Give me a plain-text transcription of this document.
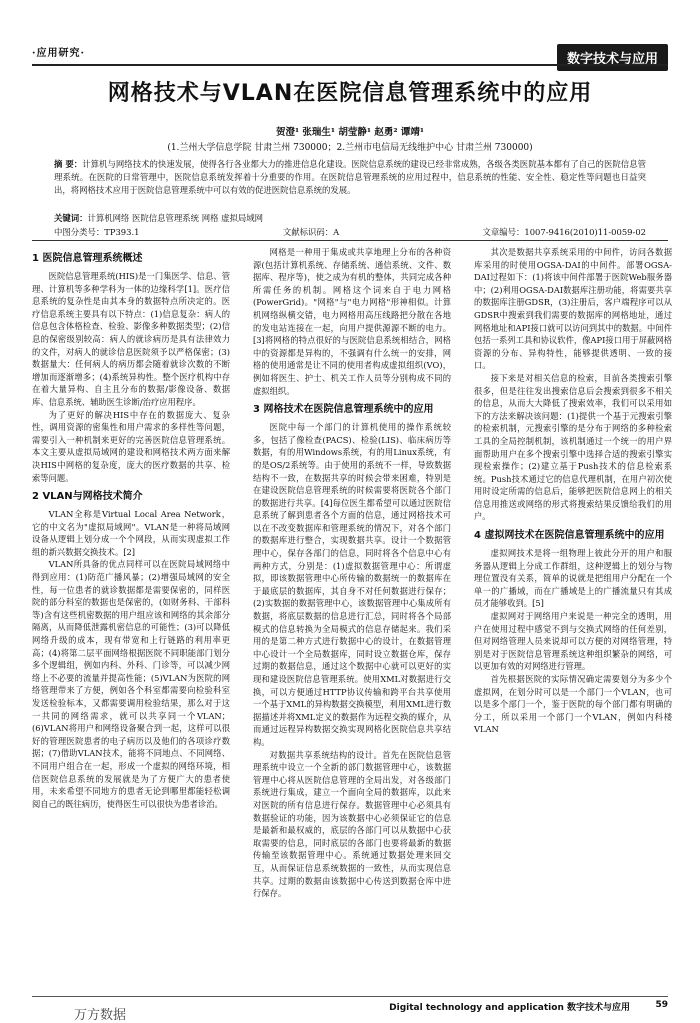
·应用研究·	数字技术与应用
网格技术与VLAN在医院信息管理系统中的应用
贺澄¹ 张瑞生¹ 胡莹静¹ 赵勇² 谭靖¹
(1.兰州大学信息学院 甘肃兰州 730000；2.兰州市电信局无线维护中心 甘肃兰州 730000)
摘 要：计算机与网络技术的快速发展，使得各行各业都大力的推进信息化建设。医院信息系统的建设已经非常成熟，各级各类医院基本都有了自己的医院信息管理系统。在医院的日常管理中，医院信息系统发挥着十分重要的作用。在医院信息管理系统的应用过程中，信息系统的性能、安全性、稳定性等问题也日益突出，将网格技术应用于医院信息管理系统中可以有效的促进医院信息系统的发展。
关键词：计算机网络 医院信息管理系统 网格 虚拟局域网
中图分类号：TP393.1	文献标识码：A	文章编号：1007-9416(2010)11-0059-02
1 医院信息管理系统概述

医院信息管理系统(HIS)是一门集医学、信息、管理、计算机等多种学科为一体的边缘科学[1]。医疗信息系统的复杂性是由其本身的数据特点所决定的。医疗信息系统主要具有以下特点：(1)信息复杂：病人的信息包含体格检查、检验、影像多种数据类型；(2)信息的保密级别较高：病人的就诊病历是具有法律效力的文件，对病人的就诊信息医院须予以严格保密；(3)数据量大：任何病人的病历都会随着就诊次数的不断增加而逐渐增多；(4)系统异构性。整个医疗机构中存在着大量异构、自主且分布的数据/影像设备、数据库、信息系统、辅助医生诊断/治疗应用程序。

为了更好的解决HIS中存在的数据庞大、复杂性，调用资源的密集性和用户需求的多样性等问题，需要引入一种机制来更好的完善医院信息管理系统。本文主要从虚拟局域网的建设和网格技术两方面来解决HIS中网格的复杂度，庞大的医疗数据的共享、检索等问题。

2 VLAN与网格技术简介

VLAN全称是Virtual Local Area Network，它的中文名为"虚拟局域网"。VLAN是一种将局域网设备从逻辑上划分成一个个网段，从而实现虚拟工作组的新兴数据交换技术。[2]

VLAN所具备的优点同样可以在医院局域网络中得到应用：(1)防范广播风暴；(2)增强局域网的安全性，每一位患者的就诊数据都是需要保密的，同样医院的部分科室的数据也是保密的，(如财务科、干部科等)含有这些机密数据的用户组应该和网络的其余部分隔离，从而降低泄露机密信息的可能性；(3)可以降低网络升级的成本，现有带宽和上行链路的利用率更高；(4)将第二层平面网络根据医院不同职能部门划分多个逻辑组，例如内科、外科、门诊等，可以减少网络上不必要的流量并提高性能；(5)VLAN为医院的网络管理带来了方便，例如各个科室都需要向检验科室发送检验标本，又都需要调用检验结果，那么对于这一共同的网络需求，就可以共享同一个VLAN；(6)VLAN将用户和网络设备聚合到一起，这样可以很好的管理医院患者的电子病历以及他们的各项诊疗数据；(7)借助VLAN技术，能将不同地点、不同网络、不同用户组合在一起，形成一个虚拟的网络环境，相信医院信息系统的发展就是为了方便广大的患者使用，未来希望不同地方的患者无论到哪里都能轻松调阅自己的既往病历，使得医生可以很快为患者诊治。

网格是一种用于集成或共享地理上分布的各种资源(包括计算机系统、存储系统、通信系统、文件、数据库、程序等)，使之成为有机的整体，共同完成各种所需任务的机制。网格这个词来自于电力网格(PowerGrid)。"网格"与"电力网格"形神相似。计算机网络纵横交错，电力网格用高压线路把分散在各地的发电站连接在一起，向用户提供源源不断的电力。[3]将网格的特点很好的与医院信息系统相结合，网格中的资源都是异构的，不强调有什么统一的安排，网格的使用通常是让不同的使用者构成虚拟组织(VO)，例如将医生、护士、机关工作人员等分别构成不同的虚拟组织。

3 网格技术在医院信息管理系统中的应用

医院中每一个部门的计算机使用的操作系统较多，包括了像检查(PACS)、检验(LIS)、临床病历等数据，有的用Windows系统，有的用Linux系统，有的是OS/2系统等。由于使用的系统不一样，导致数据结构不一致，在数据共享的时候会带来困难，特别是在建设医院信息管理系统的时候需要将医院各个部门的数据进行共享。[4]每位医生都希望可以通过医院信息系统了解到患者各个方面的信息，通过网格技术可以在不改变数据库和管理系统的情况下，对各个部门的数据库进行整合，实现数据共享。设计一个数据管理中心，保存各部门的信息，同时将各个信息中心有两种方式，分别是：(1)虚拟数据管理中心：所谓虚拟，即该数据管理中心所传输的数据统一的数据库在于最底层的数据库，其自身不对任何数据进行保存；(2)实数据的数据管理中心，该数据管理中心集成所有数据，将底层数据的信息进行汇总，同时将各个局部模式的信息转换为全局模式的信息存储起来。我们采用的是第二种方式进行数据中心的设计，在数据管理中心设计一个全局数据库，同时设立数据仓库，保存过期的数据信息，通过这个数据中心就可以更好的实现和建设医院信息管理系统。使用XML对数据进行交换，可以方便通过HTTP协议传输和跨平台共享使用一个基于XML的异构数据交换模型，利用XML进行数据描述并将XML定义的数据作为远程交换的媒介，从而通过远程异构数据交换实现网格化医院信息共享结构。

对数据共享系统结构的设计。首先在医院信息管理系统中设立一个全新的部门数据管理中心，该数据管理中心将从医院信息管理的全局出发，对各级部门系统进行集成，建立一个面向全局的数据库，以此来对医院的所有信息进行保存。数据管理中心必须具有数据验证的功能，因为该数据中心必须保证它的信息是最新和最权威的，底层的各部门可以从数据中心获取需要的信息，同时底层的各部门也要将最新的数据传输至该数据管理中心。系统通过数据处理来回交互，从而保证信息系统数据的一致性，从而实现信息共享。过期的数据由该数据中心传送到数据仓库中进行保存。

其次是数据共享系统采用的中间件，访问各数据库采用的时使用OGSA-DAI的中间件。部署OGSA-DAI过程如下：(1)将该中间件部署于医院Web服务器中；(2)利用OGSA-DAI数据库注册功能，将需要共享的数据库注册GDSR，(3)注册后，客户端程序可以从GDSR中搜索到我们需要的数据库的网格地址，通过网格地址和API接口就可以访问到其中的数据。中间件包括一系列工具和协议软件，像API接口用于屏蔽网格资源的分布、异构特性，能够提供透明、一致的接口。

接下来是对相关信息的检索，目前各类搜索引擎很多，但是往往发出搜索信息后会搜索到很多不相关的信息，从而大大降低了搜索效率，我们可以采用如下的方法来解决该问题：(1)提供一个基于元搜索引擎的检索机制，元搜索引擎的是分布于网络的多种检索工具的全局控制机制，该机制通过一个统一的用户界面帮助用户在多个搜索引擎中选择合适的搜索引擎实现检索操作；(2)建立基于Push技术的信息检索系统。Push技术通过它的信息代理机制，在用户初次使用时设定所需的信息后，能够把医院信息网上的相关信息用推送或网络的形式将搜索结果反馈给我们的用户。

4 虚拟网技术在医院信息管理系统中的应用

虚拟网技术是将一组物理上彼此分开的用户和服务器从逻辑上分成工作群组，这种逻辑上的划分与物理位置没有关系，简单的说就是把组用户分配在一个单一的广播域，而在广播域是上的广播流量只有其成员才能够收到。[5]

虚拟网对于网络用户来说是一种完全的透明，用户在使用过程中感觉不到与交换式网络的任何差别，但对网络管理人员来说却可以方便的对网络管理，特别是对于医院信息管理系统这种组织繁杂的网络，可以更加有效的对网络进行管理。

首先根据医院的实际情况确定需要划分为多少个虚拟网，在划分时可以是一个部门一个VLAN，也可以是多个部门一个，鉴于医院的每个部门都有明确的分工，所以采用一个部门一个VLAN，例如内科楼VLAN

Digital technology and application 数字技术与应用	59
万方数据
